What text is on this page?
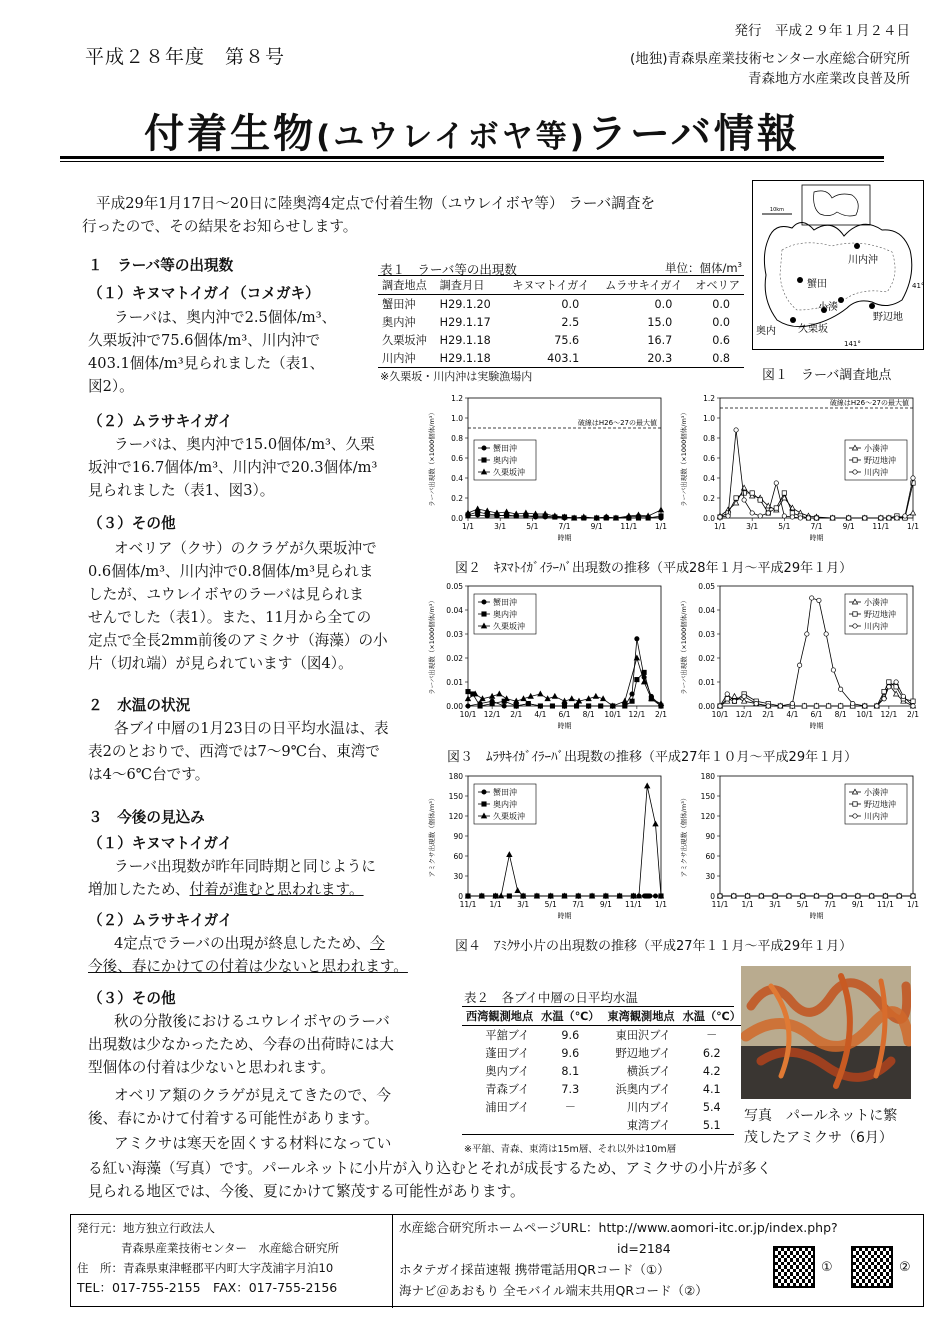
平成２８年度　第８号
発行　平成２９年１月２４日
(地独)青森県産業技術センター水産総合研究所
青森地方水産業改良普及所
付着生物(ユウレイボヤ等)ラーバ情報
平成29年1月17日～20日に陸奥湾4定点で付着生物（ユウレイボヤ等） ラーバ調査を
行ったので、その結果をお知らせします。
１　ラーバ等の出現数
（１）キヌマトイガイ（コメガキ）
ラーバは、奥内沖で2.5個体/m³、
久栗坂沖で75.6個体/m³、川内沖で
403.1個体/m³見られました（表1、
図2）。
（２）ムラサキイガイ
ラーバは、奥内沖で15.0個体/m³、久栗
坂沖で16.7個体/m³、川内沖で20.3個体/m³
見られました（表1、図3）。
（３）その他
オベリア（クサ）のクラゲが久栗坂沖で
0.6個体/m³、川内沖で0.8個体/m³見られま
したが、ユウレイボヤのラーバは見られま
せんでした（表1）。また、11月から全ての
定点で全長2mm前後のアミクサ（海藻）の小
片（切れ端）が見られています（図4）。
２　水温の状況
各ブイ中層の1月23日の日平均水温は、表
表2のとおりで、西湾では7～9℃台、東湾で
は4～6℃台です。
３　今後の見込み
（１）キヌマトイガイ
ラーバ出現数が昨年同時期と同じように
増加したため、付着が進むと思われます。
（２）ムラサキイガイ
4定点でラーバの出現が終息したため、今
今後、春にかけての付着は少ないと思われます。
（３）その他
秋の分散後におけるユウレイボヤのラーバ
出現数は少なかったため、今春の出荷時には大
型個体の付着は少ないと思われます。
オベリア類のクラゲが見えてきたので、今
後、春にかけて付着する可能性があります。
アミクサは寒天を固くする材料になってい
る紅い海藻（写真）です。パールネットに小片が入り込むとそれが成長するため、アミクサの小片が多く
見られる地区では、今後、夏にかけて繁茂する可能性があります。
表１　ラーバ等の出現数	単位：個体$/m^3$
調査地点	調査月日	キヌマトイガイ	ムラサキイガイ	オベリア
蟹田沖	H29.1.20	0.0	0.0	0.0
奥内沖	H29.1.17	2.5	15.0	0.0
久栗坂沖	H29.1.18	75.6	16.7	0.6
川内沖	H29.1.18	403.1	20.3	0.8
※久栗坂・川内沖は実験漁場内
10km
41°
141°
川内沖
蟹田
小湊
野辺地
奥内 久栗坂
図１　ラーバ調査地点
0.0
0.2
0.4
0.6
0.8
1.0
1.2
1/1	3/1	5/1	7/1	9/1 11/1 1/1
時期
ラーバ出現数（×1000個体/m³）	破線はH26～27の最大値
蟹田沖
奥内沖
久栗坂沖
0.0
0.2
0.4
0.6
0.8
1.0
1.2
1/1	3/1	5/1	7/1	9/1 11/1 1/1
時期
ラーバ出現数（×1000個体/m³）
破線はH26～27の最大値
小湊沖
野辺地沖
川内沖
図２　ｷﾇﾏﾄｲｶﾞｲﾗｰﾊﾞ出現数の推移（平成28年１月～平成29年１月）
0.00
0.01
0.02
0.03
0.04
0.05
10/1 12/1 2/1 4/1 6/1 8/1 10/1 12/1 2/1
時期
ラーバ出現数（×1000個体/m³）	蟹田沖
奥内沖
久栗坂沖
0.00
0.01
0.02
0.03
0.04
0.05
10/1 12/1 2/1 4/1 6/1 8/1 10/1 12/1 2/1
時期
ラーバ出現数（×1000個体/m³）	小湊沖
野辺地沖
川内沖
図３　ﾑﾗｻｷｲｶﾞｲﾗｰﾊﾞ出現数の推移（平成27年１０月～平成29年１月）
0
30
60
90
120
150
180
11/1 1/1 3/1 5/1 7/1 9/1 11/1 1/1
時期
アミクサ出現数（個体/m³）
蟹田沖
奥内沖
久栗坂沖
0
30
60
90
120
150
180
11/1 1/1 3/1 5/1 7/1 9/1 11/1 1/1
時期
アミクサ出現数（個体/m³）
小湊沖
野辺地沖
川内沖
図４　ｱﾐｸｻ小片の出現数の推移（平成27年１１月～平成29年１月）
表２　各ブイ中層の日平均水温
西湾観測地点	水温（℃）	東湾観測地点	水温（℃）
平舘ブイ	9.6	東田沢ブイ	－
蓬田ブイ	9.6	野辺地ブイ	6.2
奥内ブイ	8.1	横浜ブイ	4.2
青森ブイ	7.3	浜奥内ブイ	4.1
浦田ブイ	－	川内ブイ	5.4
		東湾ブイ	5.1
※平舘、青森、東湾は15m層、それ以外は10m層
写真　パールネットに繁
茂したアミクサ（6月）
発行元：地方独立行政法人
青森県産業技術センター　水産総合研究所
住　所：青森県東津軽郡平内町大字茂浦字月泊10
TEL：017-755-2155　FAX：017-755-2156
水産総合研究所ホームページURL：http://www.aomori-itc.or.jp/index.php?
id=2184
ホタテガイ採苗速報 携帯電話用QRコード（①）
海ナビ＠あおもり 全モバイル端末共用QRコード（②）
①	②
